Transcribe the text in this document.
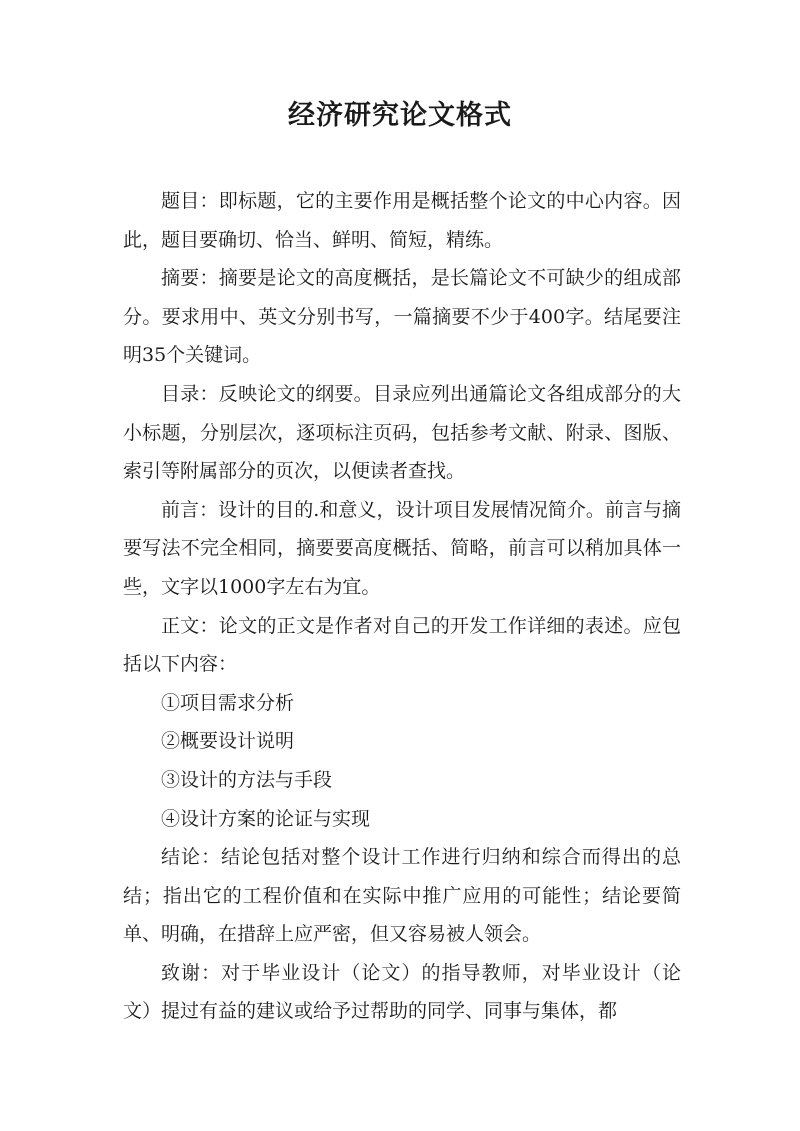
经济研究论文格式

题目：即标题，它的主要作用是概括整个论文的中心内容。因此，题目要确切、恰当、鲜明、简短，精练。

摘要：摘要是论文的高度概括，是长篇论文不可缺少的组成部分。要求用中、英文分别书写，一篇摘要不少于400字。结尾要注明35个关键词。

目录：反映论文的纲要。目录应列出通篇论文各组成部分的大小标题，分别层次，逐项标注页码，包括参考文献、附录、图版、索引等附属部分的页次，以便读者查找。

前言：设计的目的.和意义，设计项目发展情况简介。前言与摘要写法不完全相同，摘要要高度概括、简略，前言可以稍加具体一些，文字以1000字左右为宜。

正文：论文的正文是作者对自己的开发工作详细的表述。应包括以下内容：

①项目需求分析

②概要设计说明

③设计的方法与手段

④设计方案的论证与实现

结论：结论包括对整个设计工作进行归纳和综合而得出的总结；指出它的工程价值和在实际中推广应用的可能性；结论要简单、明确，在措辞上应严密，但又容易被人领会。

致谢：对于毕业设计（论文）的指导教师，对毕业设计（论文）提过有益的建议或给予过帮助的同学、同事与集体，都
